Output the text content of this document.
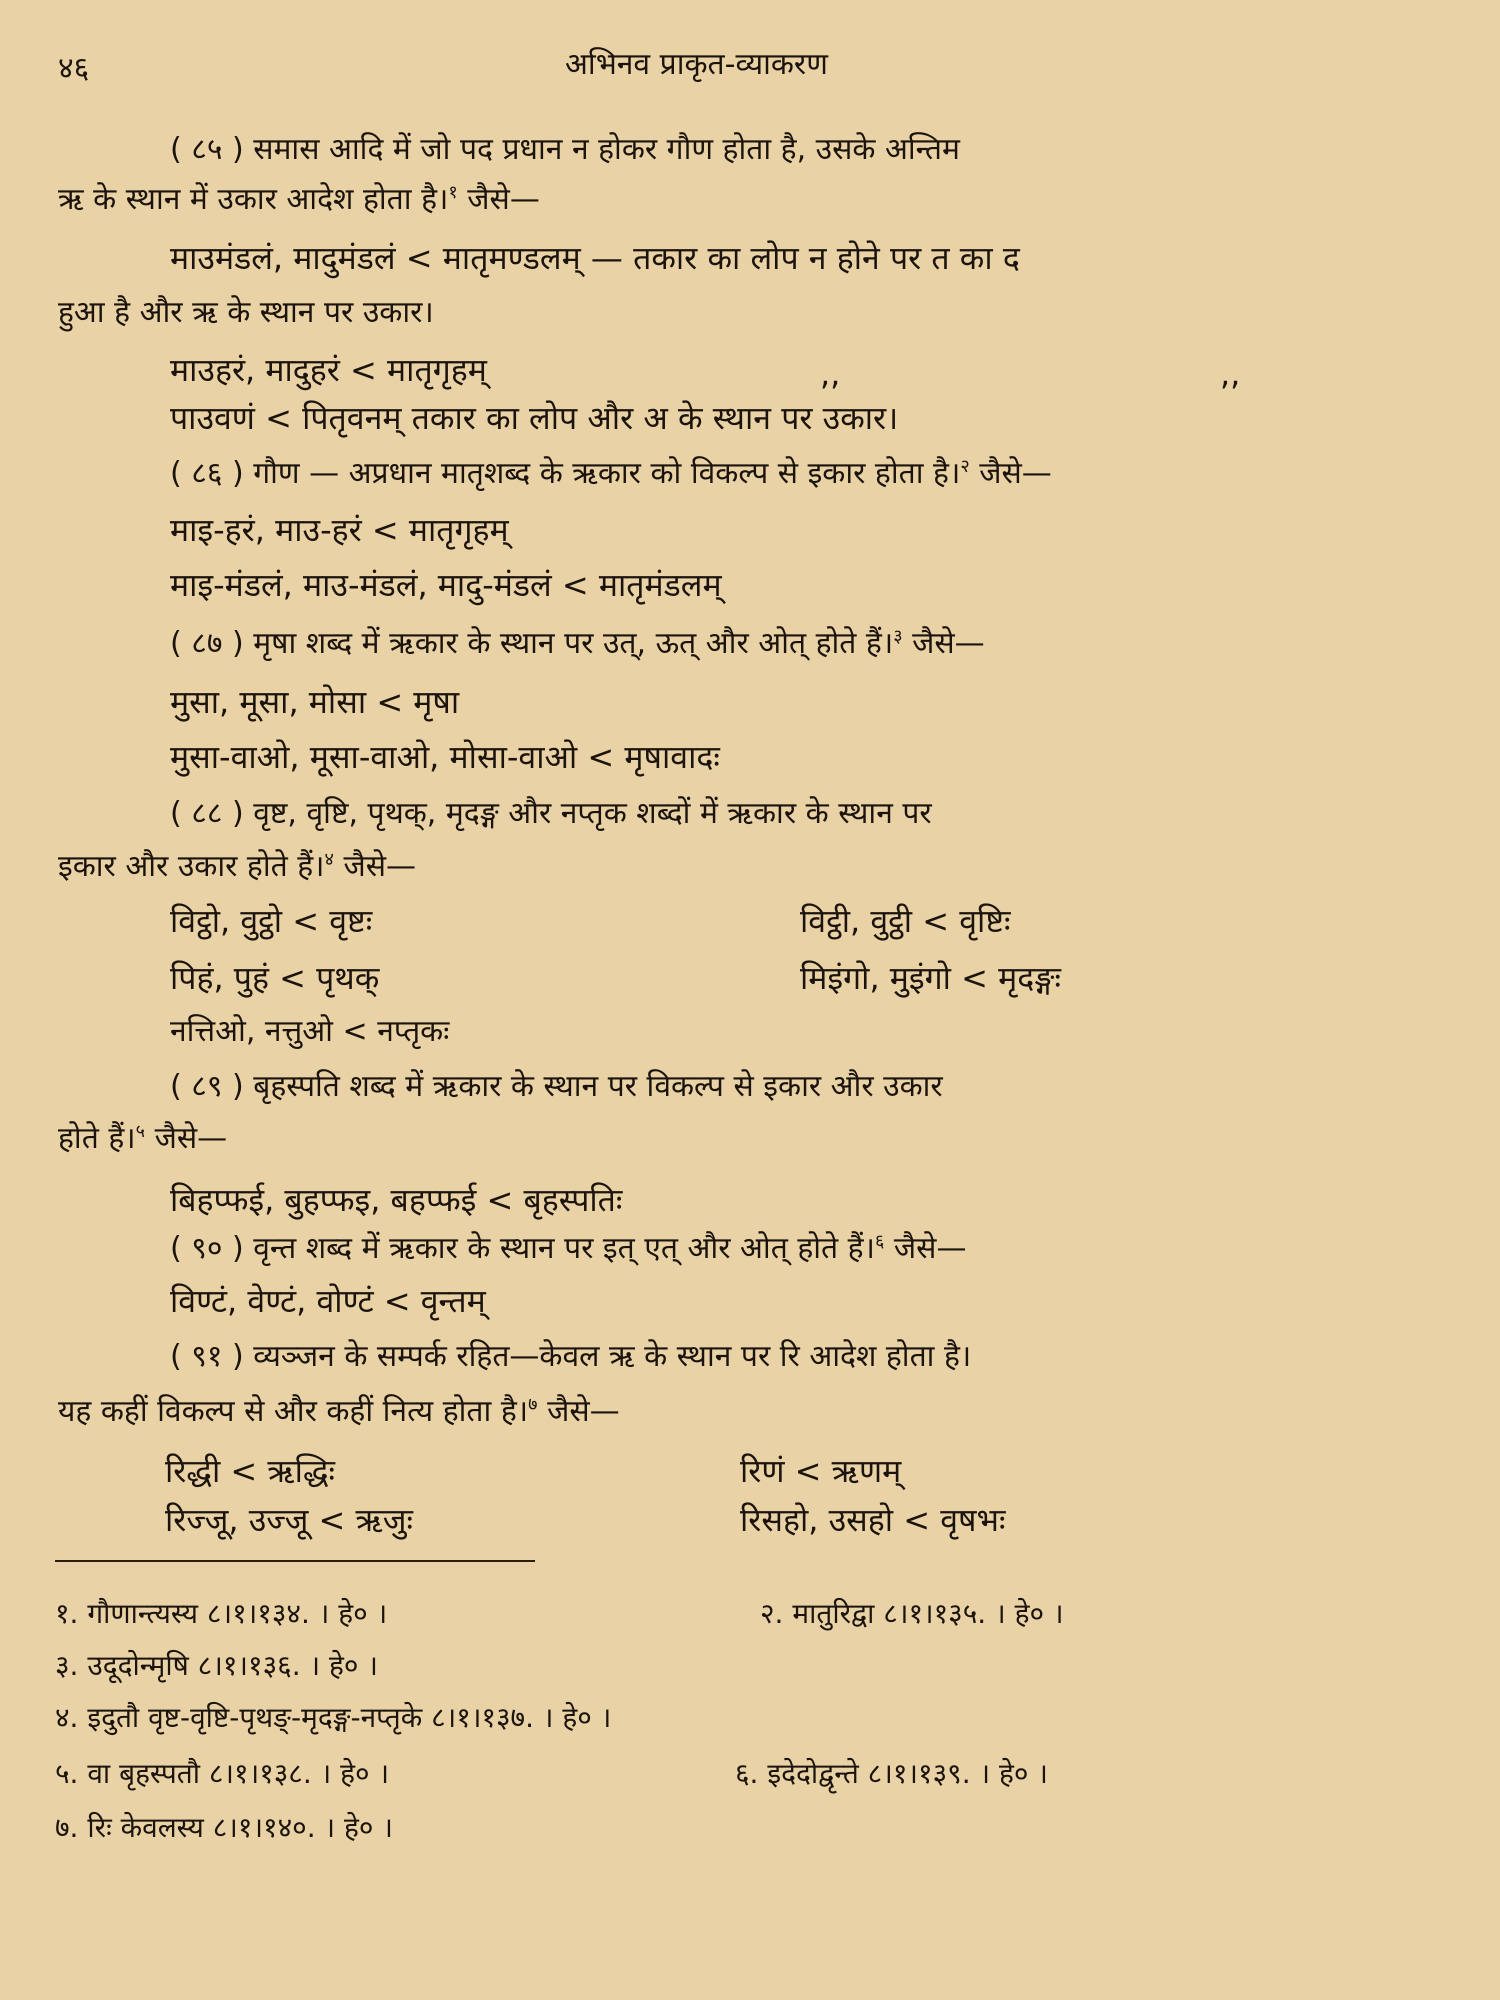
४६	अभिनव प्राकृत-व्याकरण
( ८५ ) समास आदि में जो पद प्रधान न होकर गौण होता है, उसके अन्तिम
ऋ के स्थान में उकार आदेश होता है।$^१$ जैसे—
माउमंडलं, मादुमंडलं < मातृमण्डलम् — तकार का लोप न होने पर त का द
हुआ है और ऋ के स्थान पर उकार।
माउहरं, मादुहरं < मातृगृहम्	,,	,,
पाउवणं < पितृवनम् तकार का लोप और अ के स्थान पर उकार।
( ८६ ) गौण — अप्रधान मातृशब्द के ऋकार को विकल्प से इकार होता है।$^२$ जैसे—
माइ-हरं, माउ-हरं < मातृगृहम्
माइ-मंडलं, माउ-मंडलं, मादु-मंडलं < मातृमंडलम्
( ८७ ) मृषा शब्द में ऋकार के स्थान पर उत्, ऊत् और ओत् होते हैं।$^३$ जैसे—
मुसा, मूसा, मोसा < मृषा
मुसा-वाओ, मूसा-वाओ, मोसा-वाओ < मृषावादः
( ८८ ) वृष्ट, वृष्टि, पृथक्, मृदङ्ग और नप्तृक शब्दों में ऋकार के स्थान पर
इकार और उकार होते हैं।$^४$ जैसे—
विट्ठो, वुट्ठो < वृष्टः	विट्ठी, वुट्ठी < वृष्टिः
पिहं, पुहं < पृथक्	मिइंगो, मुइंगो < मृदङ्गः
नत्तिओ, नत्तुओ < नप्तृकः
( ८९ ) बृहस्पति शब्द में ऋकार के स्थान पर विकल्प से इकार और उकार
होते हैं।$^५$ जैसे—
बिहप्फई, बुहप्फइ, बहप्फई < बृहस्पतिः
( ९० ) वृन्त शब्द में ऋकार के स्थान पर इत् एत् और ओत् होते हैं।$^६$ जैसे—
विण्टं, वेण्टं, वोण्टं < वृन्तम्
( ९१ ) व्यञ्जन के सम्पर्क रहित—केवल ऋ के स्थान पर रि आदेश होता है।
यह कहीं विकल्प से और कहीं नित्य होता है।$^७$ जैसे—
रिद्धी < ऋद्धिः	रिणं < ऋणम्
रिज्जू, उज्जू < ऋजुः	रिसहो, उसहो < वृषभः
१. गौणान्त्यस्य ८।१।१३४. । हे० ।	२. मातुरिद्वा ८।१।१३५. । हे० ।
३. उदूदोन्मृषि ८।१।१३६. । हे० ।
४. इदुतौ वृष्ट-वृष्टि-पृथङ्-मृदङ्ग-नप्तृके ८।१।१३७. । हे० ।
५. वा बृहस्पतौ ८।१।१३८. । हे० ।	६. इदेदोद्वृन्ते ८।१।१३९. । हे० ।
७. रिः केवलस्य ८।१।१४०. । हे० ।
